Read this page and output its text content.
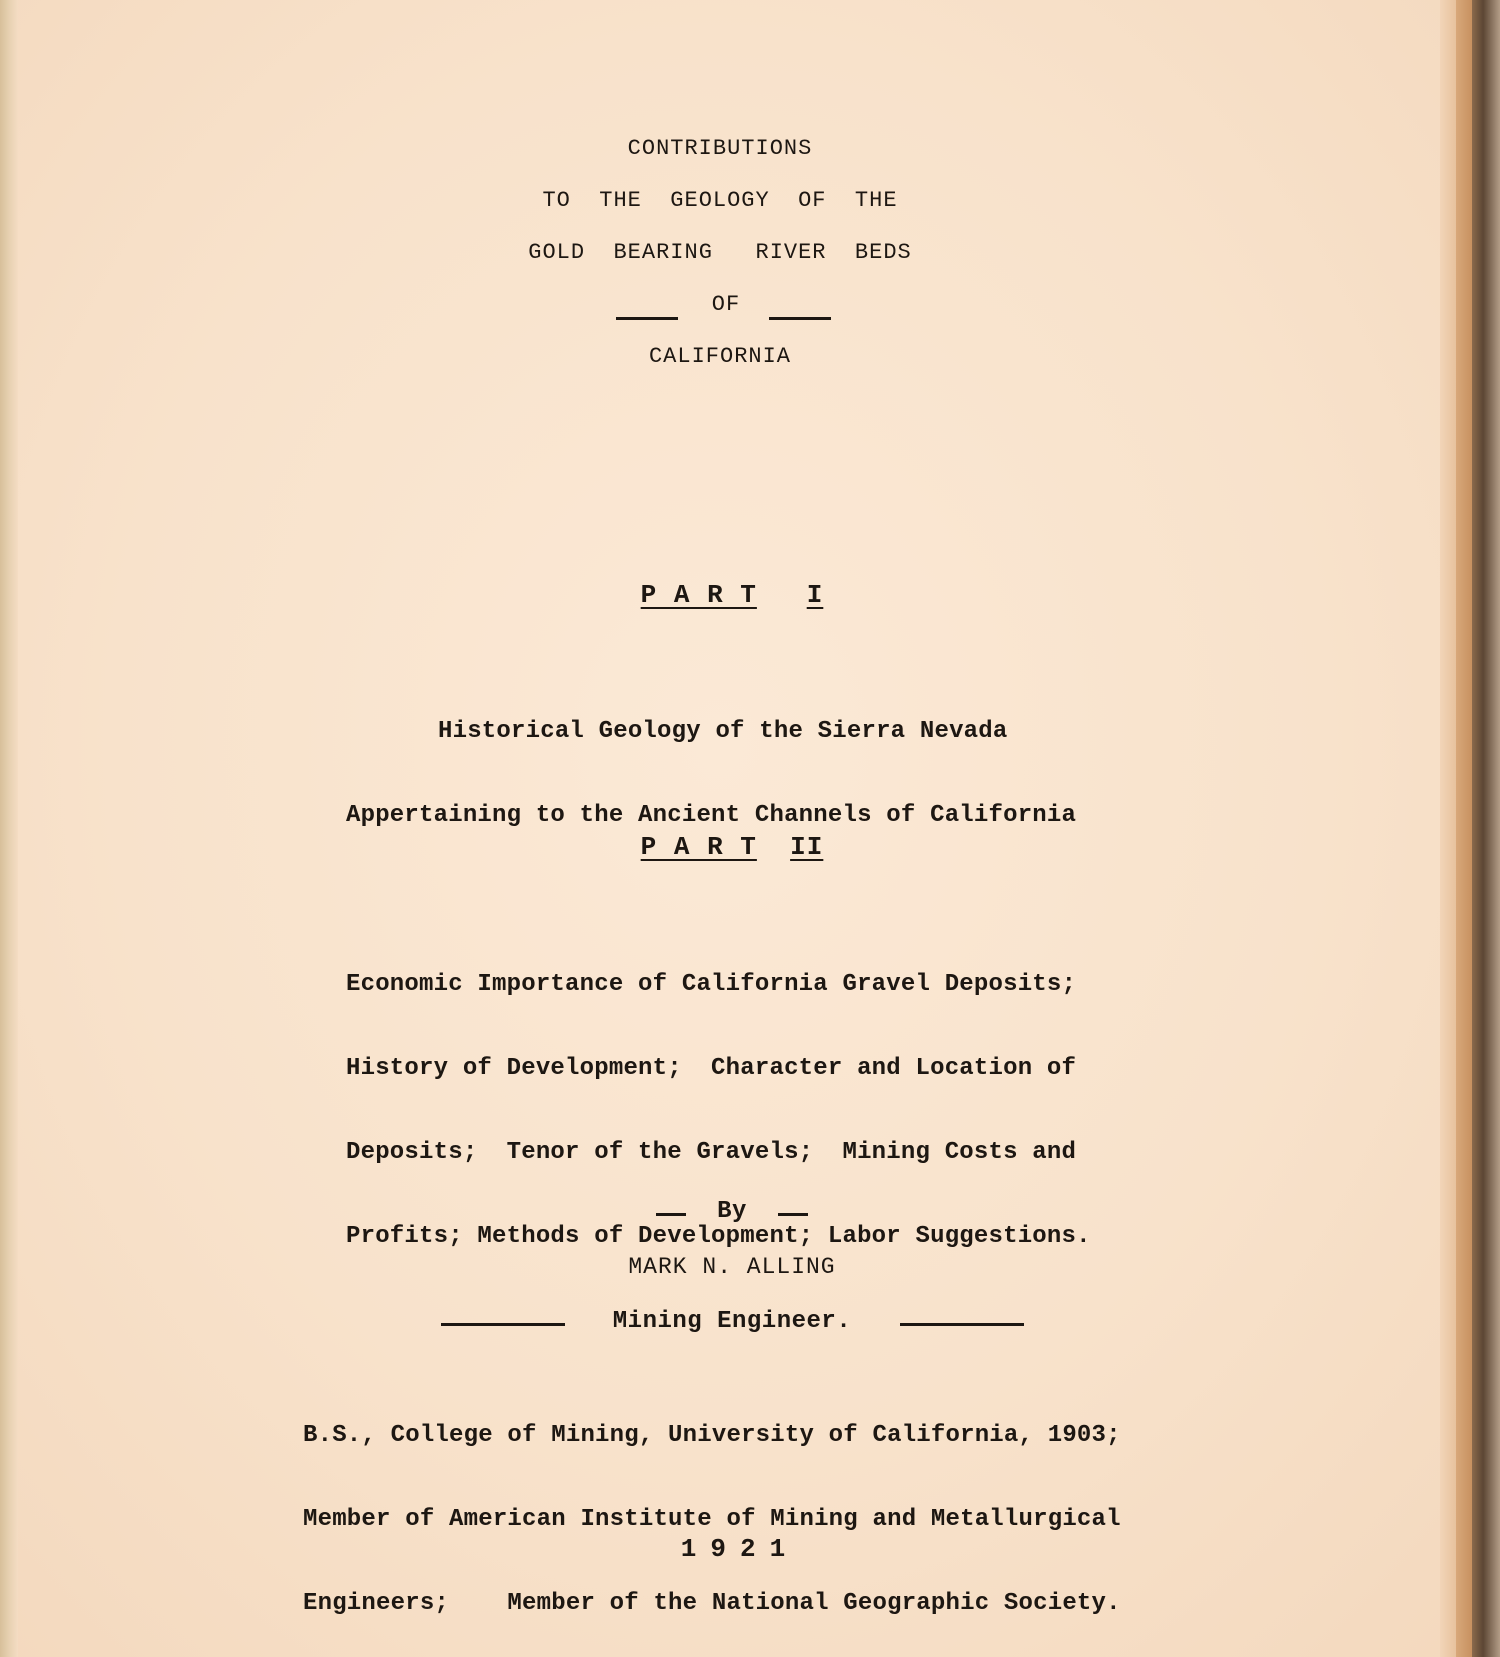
CONTRIBUTIONS
TO  THE  GEOLOGY  OF  THE
GOLD  BEARING   RIVER  BEDS
OF
CALIFORNIA
P A R T I

Historical Geology of the Sierra Nevada

Appertaining to the Ancient Channels of California

P A R T II

Economic Importance of California Gravel Deposits;

History of Development;  Character and Location of

Deposits;  Tenor of the Gravels;  Mining Costs and

Profits; Methods of Development; Labor Suggestions.

By
MARK N. ALLING
Mining Engineer.

B.S., College of Mining, University of California, 1903;

Member of American Institute of Mining and Metallurgical

Engineers;    Member of the National Geographic Society.

1921
